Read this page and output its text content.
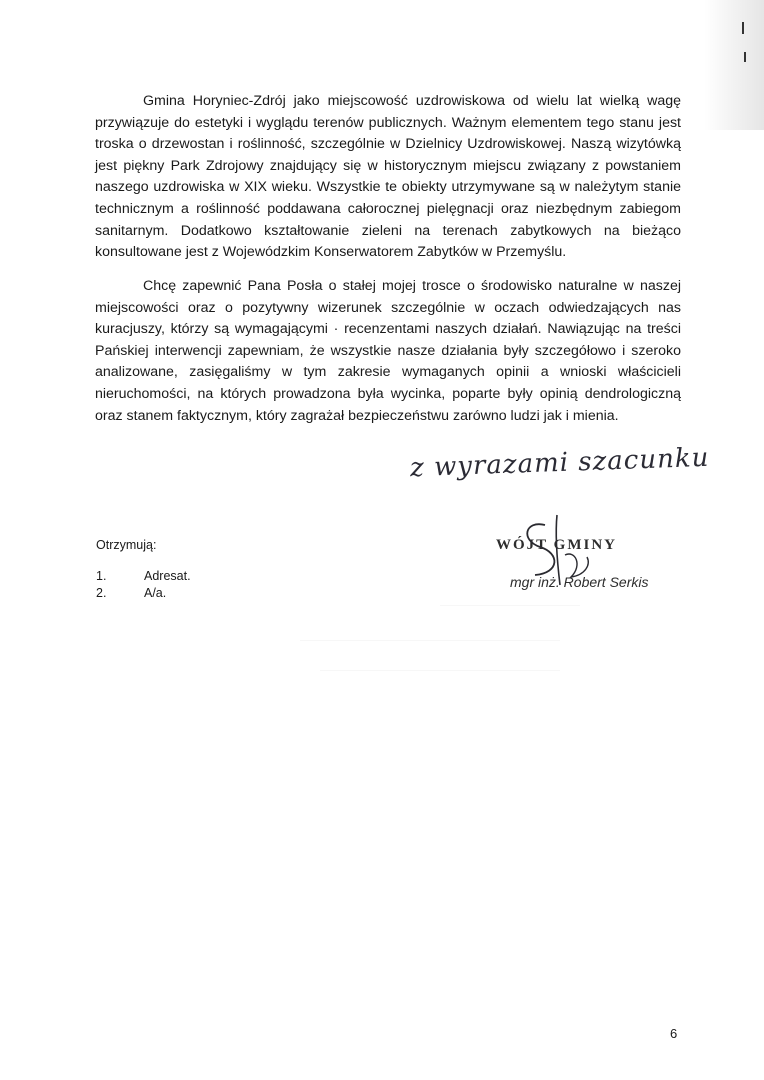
Gmina Horyniec-Zdrój jako miejscowość uzdrowiskowa od wielu lat wielką wagę przywiązuje do estetyki i wyglądu terenów publicznych. Ważnym elementem tego stanu jest troska o drzewostan i roślinność, szczególnie w Dzielnicy Uzdrowiskowej. Naszą wizytówką jest piękny Park Zdrojowy znajdujący się w historycznym miejscu związany z powstaniem naszego uzdrowiska w XIX wieku. Wszystkie te obiekty utrzymywane są w należytym stanie technicznym a roślinność poddawana całorocznej pielęgnacji oraz niezbędnym zabiegom sanitarnym. Dodatkowo kształtowanie zieleni na terenach zabytkowych na bieżąco konsultowane jest z Wojewódzkim Konserwatorem Zabytków w Przemyślu.

Chcę zapewnić Pana Posła o stałej mojej trosce o środowisko naturalne w naszej miejscowości oraz o pozytywny wizerunek szczególnie w oczach odwiedzających nas kuracjuszy, którzy są wymagającymi · recenzentami naszych działań. Nawiązując na treści Pańskiej interwencji zapewniam, że wszystkie nasze działania były szczegółowo i szeroko analizowane, zasięgaliśmy w tym zakresie wymaganych opinii a wnioski właścicieli nieruchomości, na których prowadzona była wycinka, poparte były opinią dendrologiczną oraz stanem faktycznym, który zagrażał bezpieczeństwu zarówno ludzi jak i mienia.

z wyrazami szacunku
Otrzymują:
1.	Adresat.
2.	A/a.
WÓJT GMINY
mgr inż. Robert Serkis
6
